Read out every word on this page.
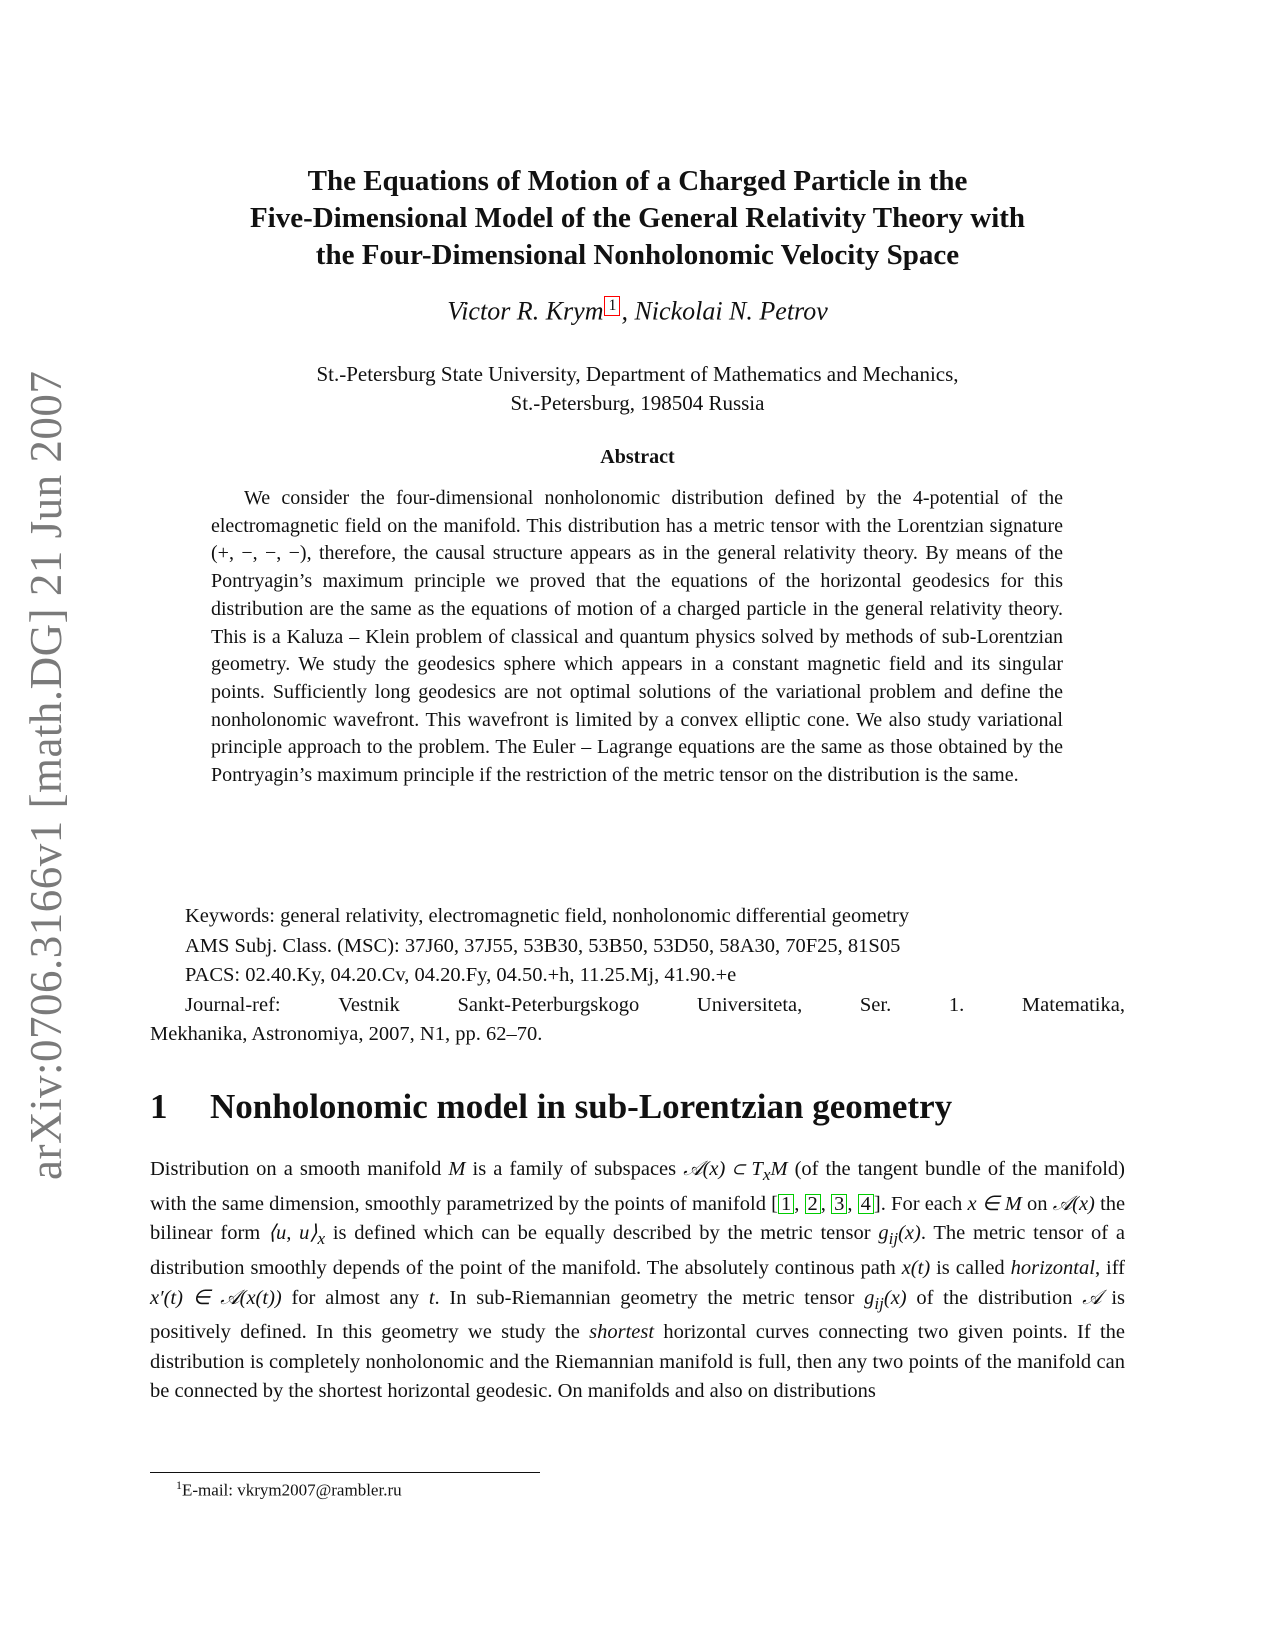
arXiv:0706.3166v1 [math.DG] 21 Jun 2007
The Equations of Motion of a Charged Particle in the
Five-Dimensional Model of the General Relativity Theory with
the Four-Dimensional Nonholonomic Velocity Space
Victor R. Krym 1 , Nickolai N. Petrov
St.-Petersburg State University, Department of Mathematics and Mechanics,
St.-Petersburg, 198504 Russia
Abstract

We consider the four-dimensional nonholonomic distribution defined by the 4-potential of the electromagnetic field on the manifold. This distribution has a metric tensor with the Lorentzian signature (+, −, −, −), therefore, the causal structure appears as in the general relativity theory. By means of the Pontryagin’s maximum principle we proved that the equations of the horizontal geodesics for this distribution are the same as the equations of motion of a charged particle in the general relativity theory. This is a Kaluza – Klein problem of classical and quantum physics solved by methods of sub-Lorentzian geometry. We study the geodesics sphere which appears in a constant magnetic field and its singular points. Sufficiently long geodesics are not optimal solutions of the variational problem and define the nonholonomic wavefront. This wavefront is limited by a convex elliptic cone. We also study variational principle approach to the problem. The Euler – Lagrange equations are the same as those obtained by the Pontryagin’s maximum principle if the restriction of the metric tensor on the distribution is the same.

Keywords: general relativity, electromagnetic field, nonholonomic differential geometry
AMS Subj. Class. (MSC): 37J60, 37J55, 53B30, 53B50, 53D50, 58A30, 70F25, 81S05
PACS: 02.40.Ky, 04.20.Cv, 04.20.Fy, 04.50.+h, 11.25.Mj, 41.90.+e
Journal-ref:	Vestnik	Sankt-Peterburgskogo	Universiteta,	Ser.	1.	Matematika,
Mekhanika, Astronomiya, 2007, N1, pp. 62–70.
1 Nonholonomic model in sub-Lorentzian geometry

Distribution on a smooth manifold M is a family of subspaces 𝒜(x) ⊂ $T_xM$ (of the tangent bundle of the manifold) with the same dimension, smoothly parametrized by the points of manifold [ 1 , 2 , 3 , 4 ]. For each x ∈ M on 𝒜(x) the bilinear form ⟨u, $u⟩_x$ is defined which can be equally described by the metric tensor $g_{ij}(x)$. The metric tensor of a distribution smoothly depends of the point of the manifold. The absolutely continous path x(t) is called horizontal, iff x′(t) ∈ 𝒜(x(t)) for almost any t. In sub-Riemannian geometry the metric tensor $g_{ij}(x)$ of the distribution 𝒜 is positively defined. In this geometry we study the shortest horizontal curves connecting two given points. If the distribution is completely nonholonomic and the Riemannian manifold is full, then any two points of the manifold can be connected by the shortest horizontal geodesic. On manifolds and also on distributions

$^1$E-mail: vkrym2007@rambler.ru
